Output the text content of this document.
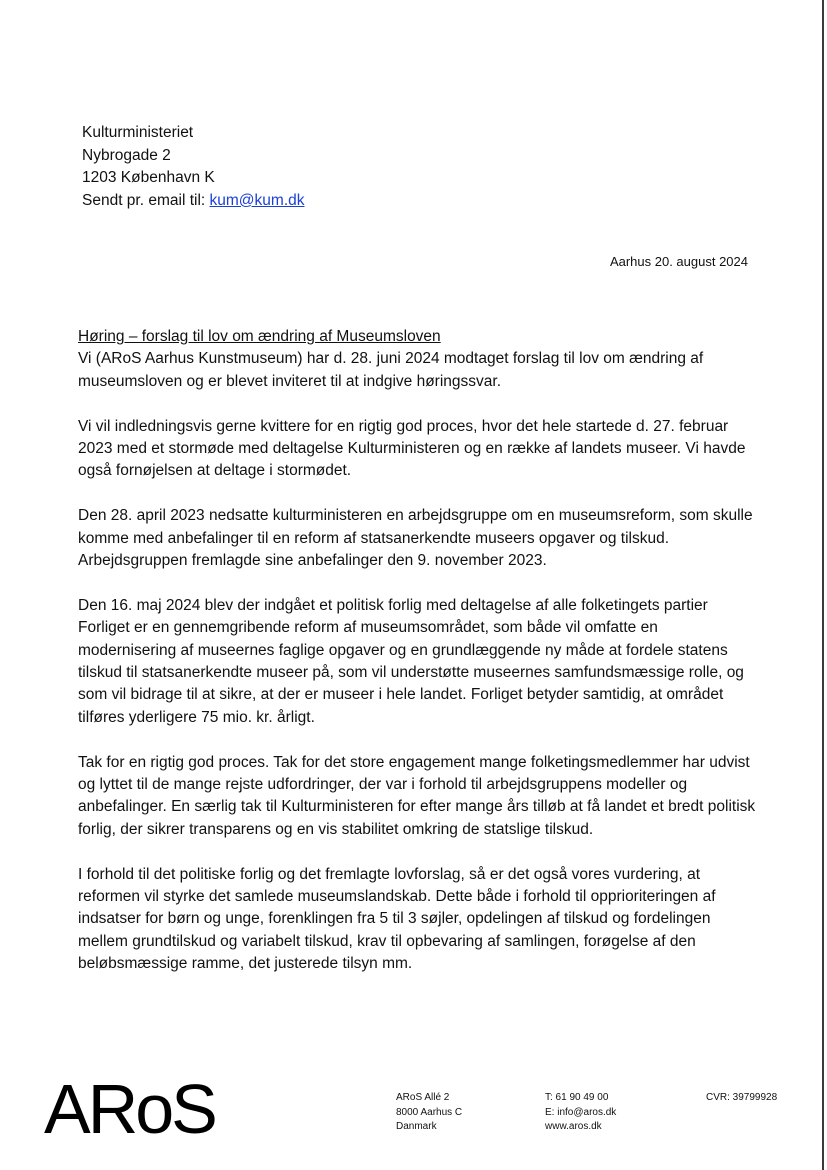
Kulturministeriet
Nybrogade 2
1203 København K
Sendt pr. email til: kum@kum.dk
Aarhus 20. august 2024
Høring – forslag til lov om ændring af Museumsloven

Vi (ARoS Aarhus Kunstmuseum) har d. 28. juni 2024 modtaget forslag til lov om ændring af museumsloven og er blevet inviteret til at indgive høringssvar.

Vi vil indledningsvis gerne kvittere for en rigtig god proces, hvor det hele startede d. 27. februar 2023 med et stormøde med deltagelse Kulturministeren og en række af landets museer. Vi havde også fornøjelsen at deltage i stormødet.

Den 28. april 2023 nedsatte kulturministeren en arbejdsgruppe om en museumsreform, som skulle komme med anbefalinger til en reform af statsanerkendte museers opgaver og tilskud. Arbejdsgruppen fremlagde sine anbefalinger den 9. november 2023.

Den 16. maj 2024 blev der indgået et politisk forlig med deltagelse af alle folketingets partier Forliget er en gennemgribende reform af museumsområdet, som både vil omfatte en modernisering af museernes faglige opgaver og en grundlæggende ny måde at fordele statens tilskud til statsanerkendte museer på, som vil understøtte museernes samfundsmæssige rolle, og som vil bidrage til at sikre, at der er museer i hele landet. Forliget betyder samtidig, at området tilføres yderligere 75 mio. kr. årligt.

Tak for en rigtig god proces. Tak for det store engagement mange folketingsmedlemmer har udvist og lyttet til de mange rejste udfordringer, der var i forhold til arbejdsgruppens modeller og anbefalinger. En særlig tak til Kulturministeren for efter mange års tilløb at få landet et bredt politisk forlig, der sikrer transparens og en vis stabilitet omkring de statslige tilskud.

I forhold til det politiske forlig og det fremlagte lovforslag, så er det også vores vurdering, at reformen vil styrke det samlede museumslandskab. Dette både i forhold til opprioriteringen af indsatser for børn og unge, forenklingen fra 5 til 3 søjler, opdelingen af tilskud og fordelingen mellem grundtilskud og variabelt tilskud, krav til opbevaring af samlingen, forøgelse af den beløbsmæssige ramme, det justerede tilsyn mm.

ARoS	ARoS Allé 2
8000 Aarhus C
Danmark
T: 61 90 49 00
E: info@aros.dk
www.aros.dk
CVR: 39799928
